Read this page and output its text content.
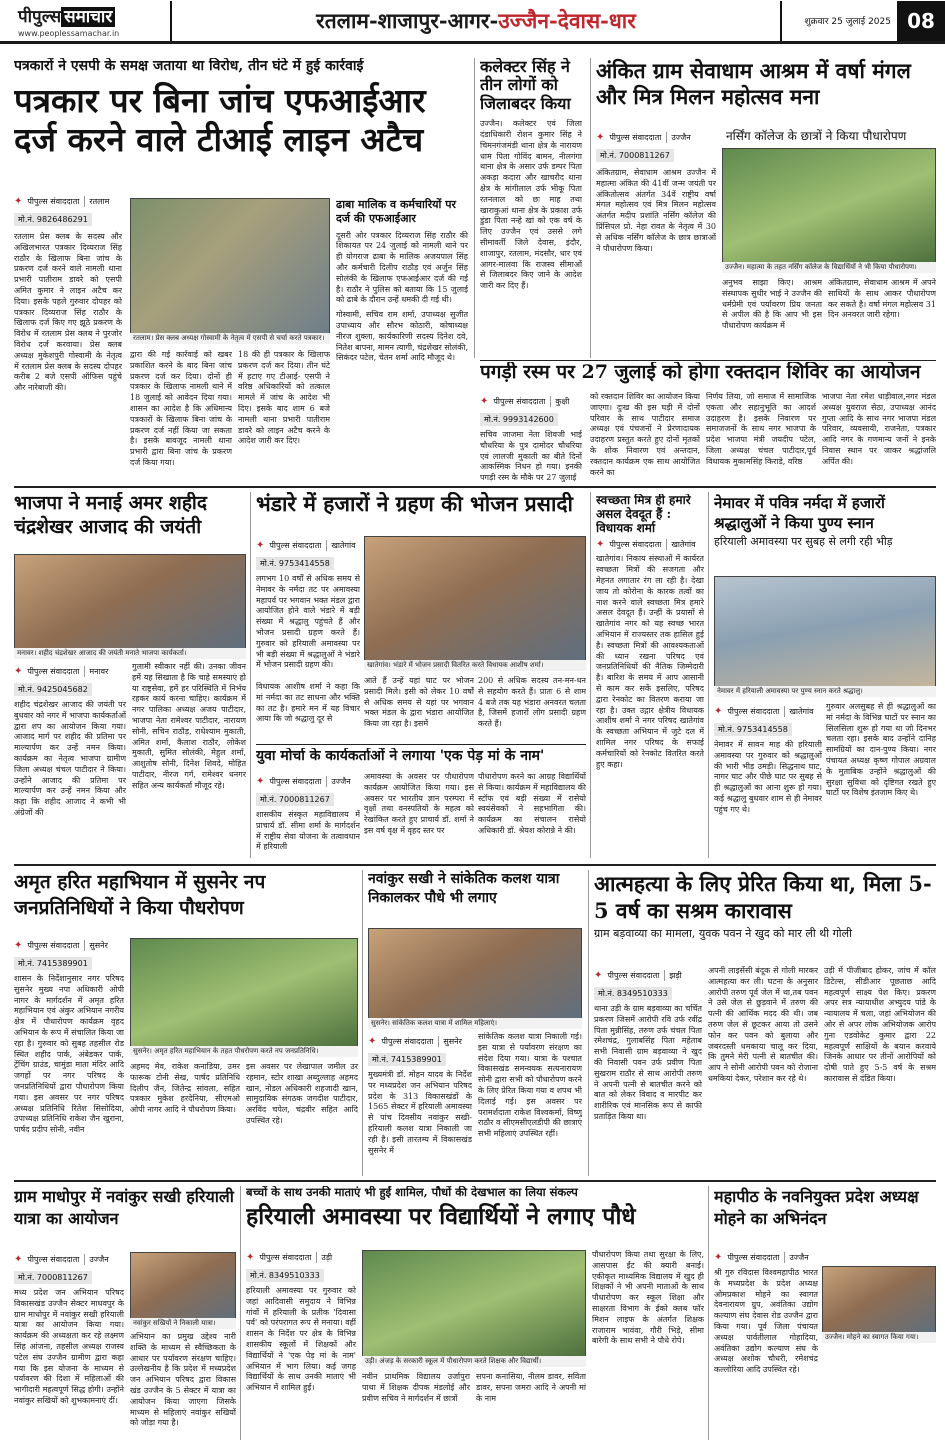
पीपुल्स समाचार
www.peoplessamachar.in
रतलाम-शाजापुर-आगर-उज्जैन-देवास-धार	शुक्रवार 25 जुलाई 2025 08
पत्रकारों ने एसपी के समक्ष जताया था विरोध, तीन घंटे में हुई कार्रवाई
पत्रकार पर बिना जांच एफआईआर दर्ज करने वाले टीआई लाइन अटैच
✦ पीपुल्स संवाददाता	रतलाम
मो.नं. 9826486291
रतलाम प्रेस क्लब के सदस्य और अखिलभारत पत्रकार दिव्यराज सिंह राठौर के खिलाफ बिना जांच के प्रकरण दर्ज करने वाले नामली थाना प्रभारी पातीराम डावरे को एसपी अमित कुमार ने लाइन अटैच कर दिया। इसके पहले गुरुवार दोपहर को पत्रकार दिव्यराज सिंह राठौर के खिलाफ दर्ज किए गए झूठे प्रकरण के विरोध में रतलाम प्रेस क्लब ने पुरजोर विरोध दर्ज करवाया। प्रेस क्लब अध्यक्ष मुकेशपुरी गोस्वामी के नेतृत्व में रतलाम प्रेस क्लब के सदस्य दोपहर करीब 2 बजे एसपी ऑफिस पहुंचे और नारेबाजी की।
रतलाम। प्रेस क्लब अध्यक्ष गोस्वामी के नेतृत्व में एसपी से चर्चा करते पत्रकार।
द्वारा की गई कार्रवाई को खबर प्रकाशित करने के बाद बिना जांच प्रकरण दर्ज कर दिया। दोनों ही पत्रकार के खिलाफ नामली थाने में 18 जुलाई को आवेदन दिया गया। शासन का आदेश है कि अधिमान्य पत्रकारों के खिलाफ बिना जांच के प्रकरण दर्ज नहीं किया जा सकता है। इसके बावजूद नामली थाना प्रभारी द्वारा बिना जांच के प्रकरण दर्ज किया गया।
18 की ही पत्रकार के खिलाफ प्रकरण दर्ज कर दिया। तीन घंटे में हटाए गए टीआई- एसपी ने वरिष्ठ अधिकारियों को तत्काल मामले में जांच के आदेश भी दिए। इसके बाद शाम 6 बजे नामली थाना प्रभारी पातीराम डावरे को लाइन अटैच करने के आदेश जारी कर दिए।
ढाबा मालिक व कर्मचारियों पर दर्ज की एफआईआर
दूसरी ओर पत्रकार दिव्यराज सिंह राठौर की शिकायत पर 24 जुलाई को नामली थाने पर ही योगराज ढाबा के मालिक अजयपाल सिंह और कर्मचारी दिलीप राठौड़ एवं अर्जुन सिंह सोलंकी के खिलाफ एफआईआर दर्ज की गई है। राठौर ने पुलिस को बताया कि 15 जुलाई को ढाबे के दौरान उन्हें धमकी दी गई थी।
गोस्वामी, सचिव राम शर्मा, उपाध्यक्ष सुजीत उपाध्याय और सौरभ कोठारी, कोषाध्यक्ष नीरज शुक्ला, कार्यकारिणी सदस्य दिनेश दवे, नितेश बापना, मामन त्यागी, चंद्रशेखर सोलंकी, सिकंदर पटेल, चेतन शर्मा आदि मौजूद थे।
कलेक्टर सिंह ने तीन लोगों को जिलाबदर किया
उज्जैन। कलेक्टर एवं जिला दंडाधिकारी रोशन कुमार सिंह ने चिमनगंजमंडी थाना क्षेत्र के नारायण धाम पिता गोविंद बामन, नीलगंगा थाना क्षेत्र के असार उर्फ डम्पर पिता अकड़ा कदारा और खाचरौद थाना क्षेत्र के मांगीलाल उर्फ भीकू पिता रतनलाल को छः माह तथा खाराकुआं थाना क्षेत्र के प्रकाश उर्फ डुंडा पिता नन्हे खां को एक वर्ष के लिए उज्जैन एवं उससे लगे सीमावर्ती जिले देवास, इंदौर, शाजापुर, रतलाम, मंदसौर, धार एवं आगर-मालवा कि राजस्व सीमाओं से जिलाबदर किए जाने के आदेश जारी कर दिए हैं।
अंकित ग्राम सेवाधाम आश्रम में वर्षा मंगल और मित्र मिलन महोत्सव मना
✦ पीपुल्स संवाददाता	उज्जैन
मो.नं. 7000811267
अंकितग्राम, सेवाधाम आश्रम उज्जैन में महात्मा अंकित की 41वीं जन्म जयंती पर अंकितोत्सव अंतर्गत 34वें राष्ट्रीय वर्षा मंगल महोत्सव एवं मित्र मिलन महोत्सव अंतर्गत मदीप प्रशांति नर्सिंग कॉलेज की प्रिंसिपल प्रो. नेहा रावत के नेतृत्व में 30 से अधिक नर्सिंग कॉलेज के छात्र छात्राओं ने पौधारोपण किया।
नर्सिंग कॉलेज के छात्रों ने किया पौधारोपण
उज्जैन। महात्मा के तहत नर्सिंग कॉलेज के विद्यार्थियों ने भी किया पौधारोपण।
अनुभव साझा किए। आश्रम संस्थापक सुधीर भाई ने उज्जैन की धर्मप्रेमी एवं पर्यावरण प्रिय जनता से अपील की है कि आप भी इस पौधारोपण कार्यक्रम में
अंकितग्राम, सेवाधाम आश्रम में अपने साथियों के साथ आकर पौधारोपण कर सकते है। वर्षा मंगल महोत्सव 31 दिन अनवरत जारी रहेगा।
पगड़ी रस्म पर 27 जुलाई को होगा रक्तदान शिविर का आयोजन
✦ पीपुल्स संवाददाता	कुक्षी
मो.नं. 9993142600
सचिव जाजमा नेता शिवजी भाई चौधरिया के पुत्र दामोदर चौधरिया एवं लालजी मुकाती का बीते दिनों आकस्मिक निधन हो गया। इनकी पगड़ी रस्म के मौके पर 27 जुलाई
को रक्तदान शिविर का आयोजन किया जाएगा। दुःख की इस घड़ी में दोनों परिवार के साथ पाटीदार समाज अध्यक्ष एवं पंचजनों ने प्रेरणादायक उदाहरण प्रस्तुत करते हुए दोनों मृतकों के शोक निवारण एवं अन्तदान, रक्तदान कार्यक्रम एक साथ आयोजित करने का
निर्णय लिया, जो समाज में सामाजिक एकता और सहानुभूति का आदर्श उदाहरण है। इसके निवारण पर समाजजनों के साथ नगर भाजपा के प्रदेश भाजपा मंत्री जयदीप पटेल, जिला अध्यक्ष चंचल पाटीदार,पूर्व विधायक मुकामसिंह किराडे, वरिष्ठ
भाजपा नेता रमेश धाड़ीवाल,नगर मंडल अध्यक्ष युवराज सेठा, उपाध्यक्ष आनंद गुप्ता आदि के साथ नगर भाजपा मंडल परिवार, व्यवसायी, राजनेता, पत्रकार आदि नगर के गणमान्य जनों ने इनके निवास स्थान पर जाकर श्रद्धांजलि अर्पित की।
भाजपा ने मनाई अमर शहीद चंद्रशेखर आजाद की जयंती
मनावर। शहीद चंद्रशेखर आजाद की जयंती मनाते भाजपा कार्यकर्ता।
✦ पीपुल्स संवाददाता	मनावर
मो.नं. 9425045682
शहीद चंद्रशेखर आजाद की जयंती पर बुधवार को नगर में भाजपा कार्यकर्ताओं द्वारा शप का आयोजन किया गया। आजाद मार्ग पर शहीद की प्रतिमा पर माल्यार्पण कर उन्हें नमन किया। कार्यक्रम का नेतृत्व भाजपा ग्रामीण जिला अध्यक्ष चंचल पाटीदार ने किया। उन्होंने आजाद की प्रतिमा पर माल्यार्पण कर उन्हें नमन किया और कहा कि शहीद आजाद ने कभी भी अंग्रेजों की
गुलामी स्वीकार नहीं की। उनका जीवन हमें यह सिखाता है कि चाहे समस्याएं हो या राष्ट्रसेवा, हमें हर परिस्थिति में निर्भय रहकर कार्य करना चाहिए। कार्यक्रम में नगर पालिका अध्यक्ष अजय पाटीदार, भाजपा नेता रामेश्वर पाटीदार, नारायण सोनी, सचिन राठौड़, राधेश्याम मुकाती, अमित शर्मा, कैलाश राठौर, लोकेश मुकाती, सुमित सोलंकी, मेहुल शर्मा, आशुतोष सोनी, दिनेश शिवदे, मोहित पाटीदार, नीरज गर्ग, रामेश्वर धनगर सहित अन्य कार्यकर्ता मौजूद रहे।
भंडारे में हजारों ने ग्रहण की भोजन प्रसादी
✦ पीपुल्स संवाददाता	खातेगांव
मो.नं. 9753414558
लगभग 10 वर्षों से अधिक समय से नेमावर के नर्मदा तट पर अमावस्या महापर्व पर भगवान भक्त मंडल द्वारा आयोजित होने वाले भंडारे में बड़ी संख्या में श्रद्धालु पहुंचते हैं और भोजन प्रसादी ग्रहण करते हैं। गुरुवार को हरियाली अमावस्या पर भी बड़ी संख्या में श्रद्धालुओं ने भंडारे में भोजन प्रसादी ग्रहण की।	खातेगांव। भंडारे में भोजन प्रसादी वितरित करते विधायक आशीष शर्मा।
विधायक आशीष शर्मा ने कहा कि मां नर्मदा का तट साधना और भक्ति का तट है। हमारे मन में यह विचार आया कि जो श्रद्धालु दूर से
आते हैं उन्हें यहां घाट पर भोजन प्रसादी मिले। इसी को लेकर 10 वर्षों से अधिक समय से यहां पर भगवान भक्त मंडल के द्वारा भंडारा आयोजित किया जा रहा है। इसमें
200 से अधिक सदस्य तन-मन-धन से सहयोग करते हैं। प्रातः 6 से शाम 4 बजे तक यह भंडारा अनवरत चलता है, जिसमें हजारों लोग प्रसादी ग्रहण करते हैं।
युवा मोर्चा के कार्यकर्ताओं ने लगाया 'एक पेड़ मां के नाम'
✦ पीपुल्स संवाददाता	उज्जैन
मो.नं. 7000811267
शासकीय संस्कृत महाविद्यालय में प्राचार्य डॉ. सीमा शर्मा के मार्गदर्शन में राष्ट्रीय सेवा योजना के तत्वावधान में हरियाली
अमावस्या के अवसर पर पौधारोपण कार्यक्रम आयोजित किया गया। इस अवसर पर भारतीय ज्ञान परम्परा में वृक्षों तथा वनस्पतियों के महत्व को रेखांकित करते हुए प्राचार्य डॉ. शर्मा ने इस वर्ष वृक्ष में वृहद स्तर पर
पौधारोपण करने का आग्रह विद्यार्थियों से किया। कार्यक्रम में महाविद्यालय की स्टॉफ एवं बड़ी संख्या में रासेयो स्वयंसेवकों ने सहभागिता की। कार्यक्रम का संचालन रासेयो अधिकारी डॉ. श्रेयश कोरान्ने ने की।
स्वच्छता मित्र ही हमारे असल देवदूत हैं : विधायक शर्मा
✦ पीपुल्स संवाददाता	खातेगांव
खातेगांव। निकाय संस्थाओं में कार्यरत स्वच्छता मित्रों की सजगता और मेहनत लगातार रंग ला रही है। देखा जाय तो कोरोना के कारक तत्वों का नाश करने वाले स्वच्छता मित्र हमारे असल देवदूत हैं। उन्हीं के प्रयासों से खातेगांव नगर को यह स्वच्छ भारत अभियान में राज्यस्तर तक हासिल हुई है। स्वच्छता मित्रों की आवश्यकताओं की ध्यान रखना परिषद एवं जनप्रतिनिधियों की नैतिक जिम्मेदारी है। बारिश के समय में आप आसानी से काम कर सकें इसलिए, परिषद द्वारा रेनकोट का वितरण कराया जा रहा है। उक्त उद्गार क्षेत्रीय विधायक आशीष शर्मा ने नगर परिषद खातेगांव के स्वच्छता अभियान में जुटे दल में शामिल नगर परिषद के सफाई कर्मचारियों को रेनकोट वितरित करते हुए कहा।
नेमावर में पवित्र नर्मदा में हजारों श्रद्धालुओं ने किया पुण्य स्नान
हरियाली अमावस्या पर सुबह से लगी रही भीड़
नेमावर में हरियाली अमावस्या पर पुण्य स्नान करते श्रद्धालु।
✦ पीपुल्स संवाददाता	खातेगांव
मो.नं. 9753414558
नेमावर में सावन माह की हरियाली अमावस्या पर गुरुवार को श्रद्धालुओं की भारी भीड़ उमड़ी। सिद्धनाथ घाट, नागर घाट और पीछे घाट पर सुबह से ही श्रद्धालुओं का आना शुरू हो गया। कई श्रद्धालु बुधवार शाम से ही नेमावर पहुंच गए थे।
गुरुवार अलसुबह से ही श्रद्धालुओं का मां नर्मदा के विभिन्न घाटों पर स्नान का सिलसिला शुरू हो गया था जो दिनभर चलता रहा। इसके बाद उन्होंने दानिह सामग्रियों का दान-पुण्य किया। नगर पंचायत अध्यक्ष कृष्ण गोपाल अग्रवाल के मुताबिक उन्होंने श्रद्धालुओं की सुरक्षा सुविधा को दृष्टिगत रखते हुए घाटों पर विशेष इंतजाम किए थे।
अमृत हरित महाभियान में सुसनेर नप जनप्रतिनिधियों ने किया पौधरोपण
✦ पीपुल्स संवाददाता	सुसनेर
मो.नं. 7415389901
शासन के निर्देशानुसार नगर परिषद सुसनेर मुख्य नपा अधिकारी ओपी नागर के मार्गदर्शन में अमृत हरित महाभियान एवं अंकुर अभियान नगरीय क्षेत्र में पौधारोपण कार्यक्रम वृहद अभियान के रूप में संचालित किया जा रहा है। गुरुवार को सुबह तहसील रोड स्थित शहीद पार्क, अंबेडकर पार्क, ट्रेंचिंग ग्राउंड, चामुंडा माता मंदिर आदि जगहों पर नगर परिषद के जनप्रतिनिधियों द्वारा पौधारोपण किया गया। इस अवसर पर नगर परिषद अध्यक्ष प्रतिनिधि रितेश सिसोदिया, उपाध्यक्ष प्रतिनिधि राकेश जैन खुराना, पार्षद प्रदीप सोनी, नवीन
सुसनेर। अमृत हरित महाभियान के तहत पौधरोपण करते नप जनप्रतिनिधि।
अहमद मेव, राकेश कनाडिया, उमर फारूक टोनी सेख, पार्षद प्रतिनिधि दिलीप जैन, जितेन्द्र सांवला, सहित पत्रकार मुकेश हरदेनिया, सीएमओ ओपी नागर आदि ने पौधरोपण किया।
इस अवसर पर लेखापाल जमील उर रहमान, स्टोर शाखा अब्दुल्लाह अहमद खान, नोडल अधिकारी शहजादी खान, सामुदायिक संगठक जगदीश पाटीदार, अरविंद चपेल, चंद्रवीर सहित आदि उपस्थित रहे।
नवांकुर सखी ने सांकेतिक कलश यात्रा निकालकर पौधे भी लगाए
सुसनेर। सांकेतिक कलश यात्रा में शामिल महिलाएं।
✦ पीपुल्स संवाददाता	सुसनेर
मो.नं. 7415389901
मुख्यमंत्री डॉ. मोहन यादव के निर्देश पर मध्यप्रदेश जन अभियान परिषद प्रदेश के 313 विकासखंडों के 1565 सेक्टर में हरियाली अमावस्या से पांच दिवसीय नवांकुर सखी-हरियाली कलश यात्रा निकाली जा रही है। इसी तारतम्य में विकासखंड सुसनेर में
सांकेतिक कलश यात्रा निकाली गई। इस यात्रा से पर्यावरण संरक्षण का संदेश दिया गया। यात्रा के पश्चात विकासखंड समन्वयक सत्यनारायण सोनी द्वारा सभी को पौधारोपण करने के लिए प्रेरित किया गया व शपथ भी दिलाई गई। इस अवसर पर परामर्शदाता राकेश विश्वकर्मा, विष्णु राठौर व सीएमसीएलडीपी की छात्राएं सभी महिलाएं उपस्थित रहीं।
आत्महत्या के लिए प्रेरित किया था, मिला 5-5 वर्ष का सश्रम कारावास
ग्राम बड़वाव्या का मामला, युवक पवन ने खुद को मार ली थी गोली
✦ पीपुल्स संवाददाता	झड़ी
मो.नं. 8349510333
थाना उड़ी के ग्राम बड़वाव्या का चर्चित प्रकरण जिसमें आरोपी रवि उर्फ रवींद्र पिता मुन्नीसिंह, तरुण उर्फ चंचल पिता रमेशचंद्र, गुलाबसिंह पिता महेताब सभी निवासी ग्राम बड़वाव्या ने खुद की निवासी पवन उर्फ प्रवीण पिता सुखराम राठौर से साथ आरोपी तरुण ने अपनी पत्नी से बातचीत करने को बात को लेकर विवाद व मारपीट कर शारीरिक एवं मानसिक रूप से काफी प्रताड़ित किया था।
अपनी लाइसेंसी बंदूक से गोली मारकर आत्महत्या कर ली। घटना के अनुसार आरोपी तरुण पूर्व जेल में था,तब पवन ने उसे जेल से छुड़वाने में तरुण की पत्नी की आर्थिक मदद की थी। जब तरुण जेल से छूटकर आया तो उसने फोन कर पवन को बुलाया और जबरदस्ती धमकाया चालू कर दिया, कि तुमने मेरी पत्नी से बातचीत की। आप ने सोनी आरोपी पवन को रोजाना धमकियां देकर, परेशान कर रहे थे।
उड़ी में पीजीबाद होकर, जांच में कॉल डिटेल्स, सीडीआर पूछताछ आदि महत्वपूर्ण साक्ष्य पेश किए। प्रकरण अपर सत्र न्यायाधीश अभ्युदय पांडे के न्यायालय में चला, जहां अभियोजन की ओर से अपर लोक अभियोजक आरोप गुना एडवोकेट कुमार द्वारा 22 महत्वपूर्ण साक्षियों के बयान करवाये जिनके आधार पर तीनों आरोपियों को दोषी पाते हुए 5-5 वर्ष के सश्रम कारावास से दंडित किया।
ग्राम माधोपुर में नवांकुर सखी हरियाली यात्रा का आयोजन
✦ पीपुल्स संवाददाता	उज्जैन
मो.नं. 7000811267
मध्य प्रदेश जन अभियान परिषद विकासखंड उज्जैन सेक्टर माधवपुर के ग्राम माधोपुर में नवांकुर सखी हरियाली यात्रा का आयोजन किया गया। कार्यक्रम की अध्यक्षता कर रहे लक्ष्मण सिंह आंजना, तहसील अध्यक्ष राजस्व पटेल संघ उज्जैन ग्रामीण द्वारा कहा गया कि इस योजना के माध्यम से पर्यावरण की दिशा में महिलाओं की भागीदारी महत्वपूर्ण सिद्ध होगी। उन्होंने नवांकुर सखियों को शुभकामनाएं दीं।
नवांकुर सखियों ने निकाली यात्रा।
अभियान का प्रमुख उद्देश्य नारी शक्ति के माध्यम से स्वैच्छिकता के आधार पर पर्यावरण संरक्षण चाहिए। उल्लेखनीय है कि प्रदेश में मध्यप्रदेश जन अभियान परिषद द्वारा विकास खंड उज्जैन के 5 सेक्टर में यात्रा का आयोजन किया जाएगा जिसके माध्यम से महिलाएं नवांकुर सखियों को जोड़ा गया है।
बच्चों के साथ उनकी माताएं भी हुईं शामिल, पौधों की देखभाल का लिया संकल्प
हरियाली अमावस्या पर विद्यार्थियों ने लगाए पौधे
✦ पीपुल्स संवाददाता	उड़ी
मो.नं. 8349510333
हरियाली अमावस्या पर गुरुवार को जहां आदिवासी समुदाय ने विभिन्न गांवों में हरियाली के प्रतीक 'दिवासा पर्व' को परंपरागत रूप से मनाया। वहीं शासन के निर्देश पर क्षेत्र के विभिन्न शासकीय स्कूलों में शिक्षकों और विद्यार्थियों ने 'एक पेड़ मां के नाम' अभियान में भाग लिया। कई जगह विद्यार्थियों के साथ उनकी माताएं भी अभियान में शामिल हुईं।
उड़ी। अंजड़ के सरकारी स्कूल में पौधारोपण करते शिक्षक और विद्यार्थी।
नवीन प्राथमिक विद्यालय उर्जापुरा पाथा में शिक्षक दीपक मंडलोई और प्रवीण सचिव ने मार्गदर्शन में छात्रों
सपना कनासिया, नीलम डावर, सविता डावर, सपना जमरा आदि ने अपनी मां के नाम
पौधारोपण किया तथा सुरक्षा के लिए, आसपास ईंट की क्यारी बनाई। एकीकृत माध्यमिक विद्यालय में खुद ही शिक्षकों ने भी अपनी माताओं के साथ पौधारोपण कर स्कूल शिक्षा और साक्षरता विभाग के ईको क्लब फॉर मिशन लाइफ के अंतर्गत शिक्षक राजाराम भावंवा, गौरी भिड़े, सीमा बारेगी के साथ सभी ने पौधे रोपे।
महापीठ के नवनियुक्त प्रदेश अध्यक्ष मोहने का अभिनंदन
✦ पीपुल्स संवाददाता	उज्जैन
उज्जैन। मोहने का स्वागत किया गया।
श्री गुरु रविदास विश्वमहापीठ भारत के मध्यप्रदेश के प्रदेश अध्यक्ष ओमप्रकाश मोहने का स्वागत देवनारायण ग्रुप, अवंतिका उद्योग कल्याण संघ देवास रोड उज्जैन द्वारा किया गया। पूर्व जिला पंचायत अध्यक्ष पार्वतीलाल गोहादिया, अवंतिका उद्योग कल्याण संघ के अध्यक्ष अशोक चौधरी, रमेशचंद्र कल्लोरिया आदि उपस्थित रहे।
